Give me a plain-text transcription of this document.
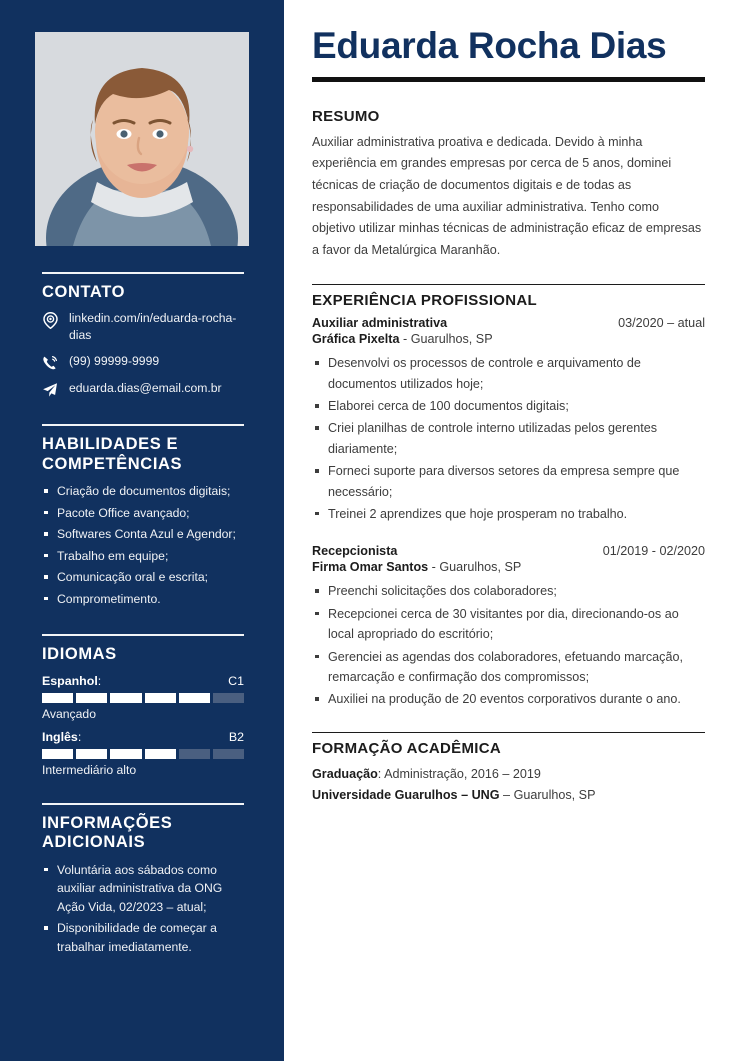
CONTATO
linkedin.com/in/eduarda-rocha-dias
(99) 99999-9999
eduarda.dias@email.com.br
HABILIDADES E COMPETÊNCIAS
Criação de documentos digitais;
Pacote Office avançado;
Softwares Conta Azul e Agendor;
Trabalho em equipe;
Comunicação oral e escrita;
Comprometimento.
IDIOMAS
Espanhol:	C1
Avançado
Inglês:	B2
Intermediário alto
INFORMAÇÕES ADICIONAIS
Voluntária aos sábados como auxiliar administrativa da ONG Ação Vida, 02/2023 – atual;
Disponibilidade de começar a trabalhar imediatamente.
Eduarda Rocha Dias
RESUMO

Auxiliar administrativa proativa e dedicada. Devido à minha experiência em grandes empresas por cerca de 5 anos, dominei técnicas de criação de documentos digitais e de todas as responsabilidades de uma auxiliar administrativa. Tenho como objetivo utilizar minhas técnicas de administração eficaz de empresas a favor da Metalúrgica Maranhão.

EXPERIÊNCIA PROFISSIONAL
Auxiliar administrativa	03/2020 – atual
Gráfica Pixelta - Guarulhos, SP
Desenvolvi os processos de controle e arquivamento de documentos utilizados hoje;
Elaborei cerca de 100 documentos digitais;
Criei planilhas de controle interno utilizadas pelos gerentes diariamente;
Forneci suporte para diversos setores da empresa sempre que necessário;
Treinei 2 aprendizes que hoje prosperam no trabalho.
Recepcionista	01/2019 - 02/2020
Firma Omar Santos - Guarulhos, SP
Preenchi solicitações dos colaboradores;
Recepcionei cerca de 30 visitantes por dia, direcionando-os ao local apropriado do escritório;
Gerenciei as agendas dos colaboradores, efetuando marcação, remarcação e confirmação dos compromissos;
Auxiliei na produção de 20 eventos corporativos durante o ano.
FORMAÇÃO ACADÊMICA
Graduação: Administração, 2016 – 2019
Universidade Guarulhos – UNG – Guarulhos, SP
